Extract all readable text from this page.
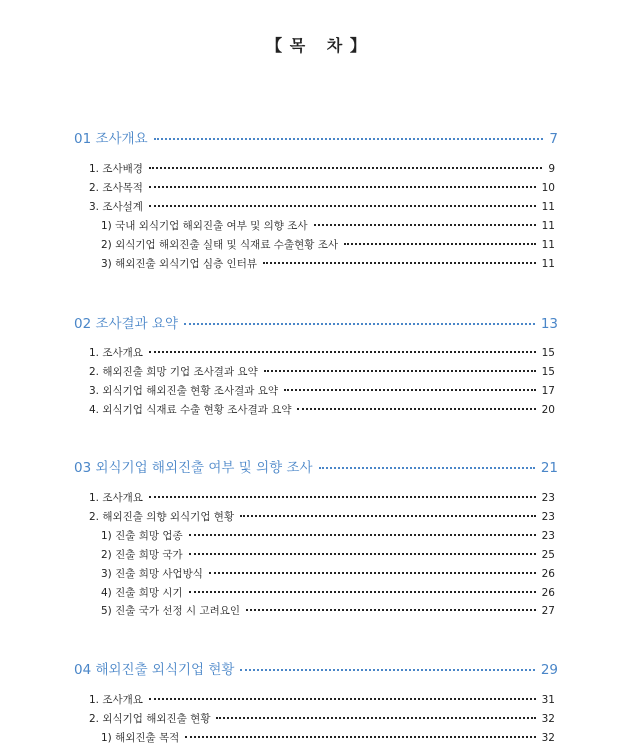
【 목 차 】
01 조사개요	7
1. 조사배경	9
2. 조사목적	10
3. 조사설계	11
1) 국내 외식기업 해외진출 여부 및 의향 조사	11
2) 외식기업 해외진출 실태 및 식재료 수출현황 조사	11
3) 해외진출 외식기업 심층 인터뷰	11
02 조사결과 요약	13
1. 조사개요	15
2. 해외진출 희망 기업 조사결과 요약	15
3. 외식기업 해외진출 현황 조사결과 요약	17
4. 외식기업 식재료 수출 현황 조사결과 요약	20
03 외식기업 해외진출 여부 및 의향 조사	21
1. 조사개요	23
2. 해외진출 의향 외식기업 현황	23
1) 진출 희망 업종	23
2) 진출 희망 국가	25
3) 진출 희망 사업방식	26
4) 진출 희망 시기	26
5) 진출 국가 선정 시 고려요인	27
04 해외진출 외식기업 현황	29
1. 조사개요	31
2. 외식기업 해외진출 현황	32
1) 해외진출 목적	32
